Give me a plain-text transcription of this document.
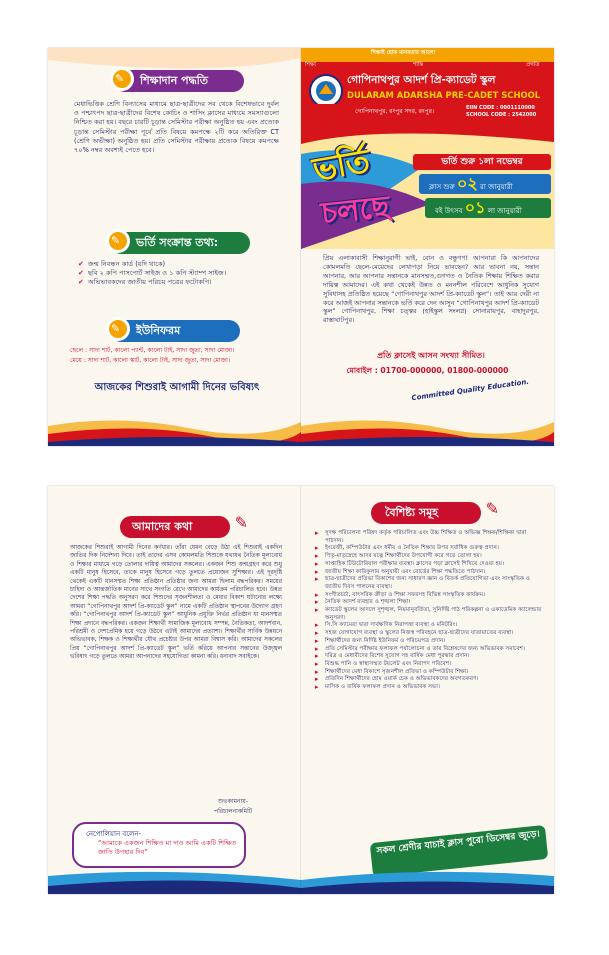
✎ শিক্ষাদান পদ্ধতি
মেধাভিত্তিক শ্রেণি বিন্যাসের মাধ্যমে ছাত্র-ছাত্রীদের সব থেকে বিশেষভাবে দুর্বল ও পশ্চাৎপদ ছাত্র-ছাত্রীদের বিশেষ কোচিং ও শাসিং ক্লাসের মাধ্যমে সমস্যাগুলো নিশ্চিত করা হয়। বছরে চারটি চূড়ান্ত সেমিস্টার পরীক্ষা অনুষ্ঠিত হয় এবং প্রত্যেক চূড়ান্ত সেমিস্টার পরীক্ষা পূর্বে প্রতি বিষয়ে কমপক্ষে ২টি করে অতিরিক্ত CT (শ্রেণি অভীক্ষা) অনুষ্ঠিত হয়। প্রতি সেমিস্টার পরীক্ষায় প্রত্যেক বিষয়ে কমপক্ষে ৭০% নম্বর অবশ্যই পেতে হবে।
✎ ভর্তি সংক্রান্ত তথ্য:
✔ জন্ম নিবন্ধন কার্ড (যদি থাকে)
✔ ছবি ২ কপি পাসপোর্ট সাইজ ও ১ কপি স্ট্যাম্প সাইজ।
✔ অভিভাবকদের জাতীয় পরিচয় পত্রের ফটোকপি।
✎ ইউনিফরম
ছেলে : সাদা শার্ট, কালো প্যান্ট, কালো টাই, সাদা জুতা, সাদা মোজা।
মেয়ে : সাদা শার্ট, কালো স্কার্ট, কালো টাই, সাদা জুতা, সাদা মোজা।
আজকের শিশুরাই আগামী দিনের ভবিষ্যৎ
শিক্ষাই হোক মানবতার আলো
শিক্ষা	শান্তি	প্রগতি
গোপিনাথপুর আদর্শ প্রি-ক্যাডেট স্কুল
DULARAM ADARSHA PRE-CADET SCHOOL
গোপিনাথপুর, রংপুর সদর, রংপুর।	EIIN CODE : 0001110000
SCHOOL CODE : 2542000
ভর্তি
চলছে
ভর্তি শুরু ১লা নভেম্বর
ক্লাস শুরু ০২ রা জানুয়ারী
বই উৎসব ০১ লা জানুয়ারী
প্রিয় এলাকাবাসী শিক্ষানুরাগী ভাই, বোন ও বন্ধুগণ! আপনারা কি আপনাদের কোমলমতি ছেলে-মেয়েদের লেখাপড়া নিয়ে ভাবছেন? আর ভাবনা নয়, সন্তান আপনার, আর আপনার সন্তানকে মানসম্মত,গুণগত ও নৈতিক শিক্ষায় শিক্ষিত করার দায়িত্ব আমাদের। এই কথা থেকেই উন্নত ও মননশীল পরিবেশে আধুনিক সুযোগ সুবিধাসহ প্রতিষ্ঠিত হয়েছে “গোপিনাথপুর আদর্শ প্রি-ক্যাডেট স্কুল”। তাই আর দেরী না করে আজই আপনার সন্তানকে ভর্তি করে দেন আসুন “গোপিনাথপুর আদর্শ প্রি-ক্যাডেট স্কুল” গোপিনাথপুর, শিক্ষা চত্ত্বর (হাইস্কুল সংলগ্ন) সোনারায়পুর, বাহাদুরপুর, রাস্তাঘাটপুর।
প্রতি ক্লাসেই আসন সংখ্যা সীমিত।
মোবাইল : 01700-000000, 01800-000000
Committed Quality Education.
আমাদের কথা	✎
আজকের শিশুরাই আগামী দিনের কর্ণধার। তাঁরা যেমন বেড়ে উঠা এই শিশুরাই একদিন জাতির দিক নির্দেশনা দিবে। তাই তাদের এসব কোমলমতি শিশুকে যথাযথ নৈতিক মূল্যবোধ ও শিক্ষার মাধ্যমে গড়ে তোলার দায়িত্ব আমাদের সকলের। একজন শিশু জন্মগ্রহণ করে শুধু একটি মানুষ হিসেবে, তাকে মানুষ হিসেবে গড়ে তুলতে প্রয়োজন সুশিক্ষার। এই দূরদৃষ্টি থেকেই একটি মানসম্মত শিক্ষা প্রতিষ্ঠান প্রতিষ্ঠার জন্য আমরা ছিলাম বদ্ধপরিকর। সময়ের চাহিদা ও আন্তর্জাতিক মানের সাথে সংগতি রেখে আমাদের কার্যক্রম পরিচালিত হবে। উন্নত দেশের শিক্ষা পদ্ধতি অনুসরণ করে শিশুদের সৃজনশীলতা ও মেধার বিকাশ ঘটানোর লক্ষ্যে আমরা “গোপিনাথপুর আদর্শ প্রি-ক্যাডেট স্কুল” নামে একটি প্রতিষ্ঠান স্থাপনের উদ্যোগ গ্রহণ করি। “গোপিনাথপুর আদর্শ প্রি-ক্যাডেট স্কুল” আধুনিক প্রযুক্তি নির্ভর প্রতিষ্ঠান যা মানসম্মত শিক্ষা প্রদানে বদ্ধপরিকর। একজন শিক্ষার্থী সামাজিক মূল্যবোধ সম্পন্ন, নৈতিকতা, আদর্শবান, পরিশ্রমী ও দেশপ্রেমিক হয়ে গড়ে উঠবে এটাই আমাদের প্রত্যাশা। শিক্ষার্থীর সার্বিক উন্নয়নে অভিভাবক, শিক্ষক ও শিক্ষার্থীর যৌথ প্রচেষ্টার উপর আমরা বিশ্বাস করি। আমাদের সকলের প্রিয় “গোপিনাথপুর আদর্শ প্রি-ক্যাডেট স্কুল” ভর্তি করিয়ে আপনার সন্তানের উজ্জ্বল ভবিষ্যৎ গড়ে তুলতে আমরা আপনাদের সহযোগিতা কামনা করি। ধন্যবাদ সবাইকে।
শুভকামনায়-
পরিচালনাকমিটি
নেপোলিয়ান বলেন-
“আমাকে একজন শিক্ষিত মা দাও আমি একটি শিক্ষিত জাতি উপহার দিব”
বৈশিষ্ট্য সমূহ	✎
▸ সুদক্ষ পরিচালনা পরিষদ কর্তৃক পরিচালিত এবং উচ্চ শিক্ষিত ও অভিজ্ঞ শিক্ষক/শিক্ষিকা দ্বারা পাঠদান।
▸ ইংরেজী, কম্পিউটার এবং ধর্মীয় ও নৈতিক শিক্ষার উপর সর্বাধিক গুরুত্ব প্রদান।
▸ পিতৃ-মাতৃস্নেহে আদর যত্নে শিক্ষার্থীদের উপযোগী করে গড়ে তোলা হয়।
▸ সাপ্তাহিক টিউটোরিয়াল পরীক্ষার ব্যবস্থা। ক্লাসের পড়া ক্লাসেই শিখিয়ে দেওয়া হয়।
▸ জাতীয় শিক্ষা কারিকুলাম অনুযায়ী এবং বোর্ডের শিক্ষা পদ্ধতিতে পাঠদান।
▸ ছাত্র-ছাত্রীদের প্রতিভা বিকাশের জন্য সাধারণ জ্ঞান ও বিতর্ক প্রতিযোগিতা এবং সাংস্কৃতিক ও জাতীয় দিবস পালনের ব্যবস্থা।
▸ সংগীতচর্চা, বাৎসরিক ক্রীড়া ও শিক্ষা সফরসহ বিভিন্ন সাংস্কৃতিক কার্যক্রম।
▸ নৈতিক আদর্শ ব্যবহার ও শৃঙ্খলা শিক্ষা।
▸ ক্যাডেট স্কুলের আদলে সুশৃঙ্খল, নিয়মানুবর্তিতা, সুনির্দিষ্ট পাঠ পরিকল্পনা ও একাডেমিক ক্যালেন্ডার অনুসরণ।
▸ সি.সি ক্যামেরা দ্বারা সার্বক্ষণিক নিরাপত্তা ব্যবস্থা ও মনিটরিং।
▸ সহজ যোগাযোগ ব্যবস্থা ও স্কুলের নিজস্ব পরিবহনে ছাত্র-ছাত্রীদের যাতায়াতের ব্যবস্থা।
▸ শিক্ষার্থীদের জন্য নির্দিষ্ট ইউনিফর্ম ও পরিচয়পত্র প্রদান।
▸ প্রতি সেমিস্টার পরীক্ষার ফলাফল পর্যালোচনা ও তার বিশ্লেষণের জন্য অভিভাবক সমাবেশ।
▸ দরিদ্র ও মেধাবীদের বিশেষ সুযোগ সহ বার্ষিক মেধা পুরস্কার প্রদান।
▸ বিশুদ্ধ পানি ও স্বাস্থ্যসম্মত টয়লেট এবং নিরাপদ পরিবেশ।
▸ শিক্ষার্থীদের মেধা বিকাশে সৃজনশীল প্রতিভা ও কম্পিউটার শিক্ষা।
▸ প্রতিদিন শিক্ষার্থীদের হোম ওয়ার্ক চেক ও অভিভাবকদের অবগতকরণ।
▸ মাসিক ও বার্ষিক ফলাফল প্রদান ও অভিভাবক সভা।
সকল শ্রেণীর যাচাই ক্লাস পুরো ডিসেম্বর জুড়ে।
